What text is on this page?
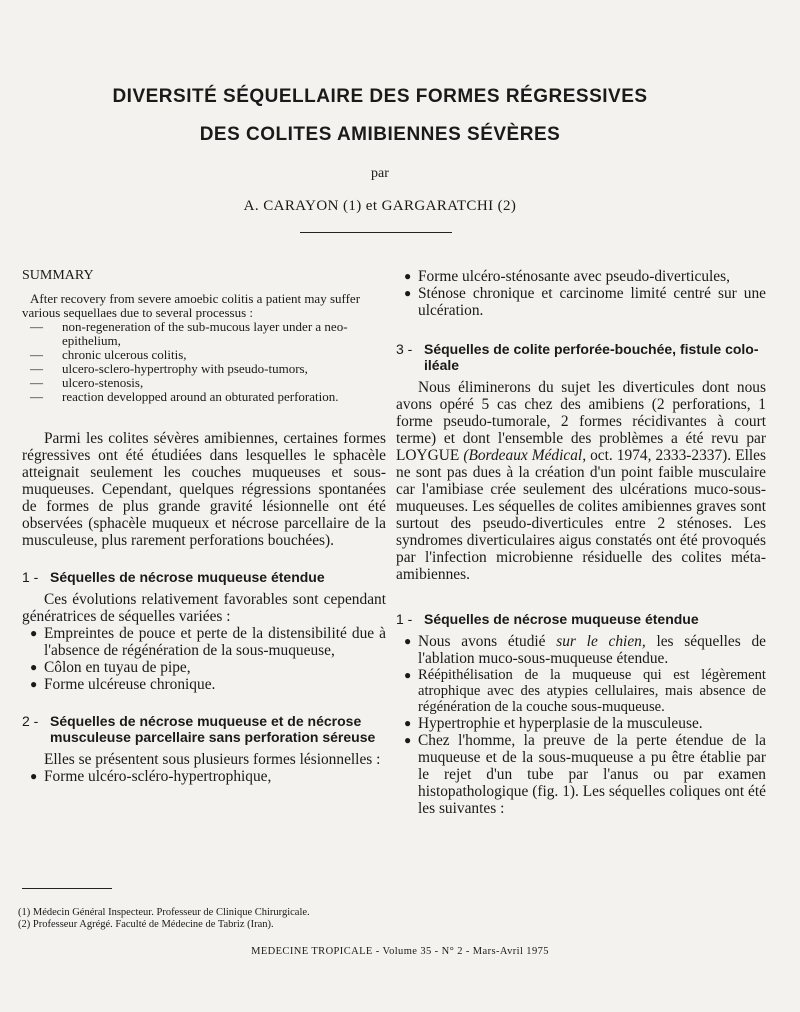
DIVERSITÉ SÉQUELLAIRE DES FORMES RÉGRESSIVES
DES COLITES AMIBIENNES SÉVÈRES
par
A. CARAYON (1) et GARGARATCHI (2)

SUMMARY

After recovery from severe amoebic colitis a patient may suffer various sequellaes due to several processus :

— non-regeneration of the sub-mucous layer under a neo-epithelium,
— chronic ulcerous colitis,
— ulcero-sclero-hypertrophy with pseudo-tumors,
— ulcero-stenosis,
— reaction developped around an obturated perforation.

Parmi les colites sévères amibiennes, certaines formes régressives ont été étudiées dans lesquelles le sphacèle atteignait seulement les couches muqueuses et sous-muqueuses. Cependant, quelques régressions spontanées de formes de plus grande gravité lésionnelle ont été observées (sphacèle muqueux et nécrose parcellaire de la musculeuse, plus rarement perforations bouchées).

1 - Séquelles de nécrose muqueuse étendue

Ces évolutions relativement favorables sont cependant génératrices de séquelles variées :

● Empreintes de pouce et perte de la distensibilité due à l'absence de régénération de la sous-muqueuse,
● Côlon en tuyau de pipe,
● Forme ulcéreuse chronique.
2 - Séquelles de nécrose muqueuse et de nécrose musculeuse parcellaire sans perforation séreuse

Elles se présentent sous plusieurs formes lésionnelles :

● Forme ulcéro-scléro-hypertrophique,
● Forme ulcéro-sténosante avec pseudo-diverticules,
● Sténose chronique et carcinome limité centré sur une ulcération.
3 - Séquelles de colite perforée-bouchée, fistule colo-iléale

Nous éliminerons du sujet les diverticules dont nous avons opéré 5 cas chez des amibiens (2 perforations, 1 forme pseudo-tumorale, 2 formes récidivantes à court terme) et dont l'ensemble des problèmes a été revu par LOYGUE (Bordeaux Médical, oct. 1974, 2333-2337). Elles ne sont pas dues à la création d'un point faible musculaire car l'amibiase crée seulement des ulcérations muco-sous-muqueuses. Les séquelles de colites amibiennes graves sont surtout des pseudo-diverticules entre 2 sténoses. Les syndromes diverticulaires aigus constatés ont été provoqués par l'infection microbienne résiduelle des colites méta-amibiennes.

1 - Séquelles de nécrose muqueuse étendue
● Nous avons étudié sur le chien, les séquelles de l'ablation muco-sous-muqueuse étendue.
● Réépithélisation de la muqueuse qui est légèrement atrophique avec des atypies cellulaires, mais absence de régénération de la couche sous-muqueuse.
● Hypertrophie et hyperplasie de la musculeuse.
● Chez l'homme, la preuve de la perte étendue de la muqueuse et de la sous-muqueuse a pu être établie par le rejet d'un tube par l'anus ou par examen histopathologique (fig. 1). Les séquelles coliques ont été les suivantes :
(1) Médecin Général Inspecteur. Professeur de Clinique Chirurgicale.
(2) Professeur Agrégé. Faculté de Médecine de Tabriz (Iran).
MEDECINE TROPICALE - Volume 35 - N° 2 - Mars-Avril 1975
